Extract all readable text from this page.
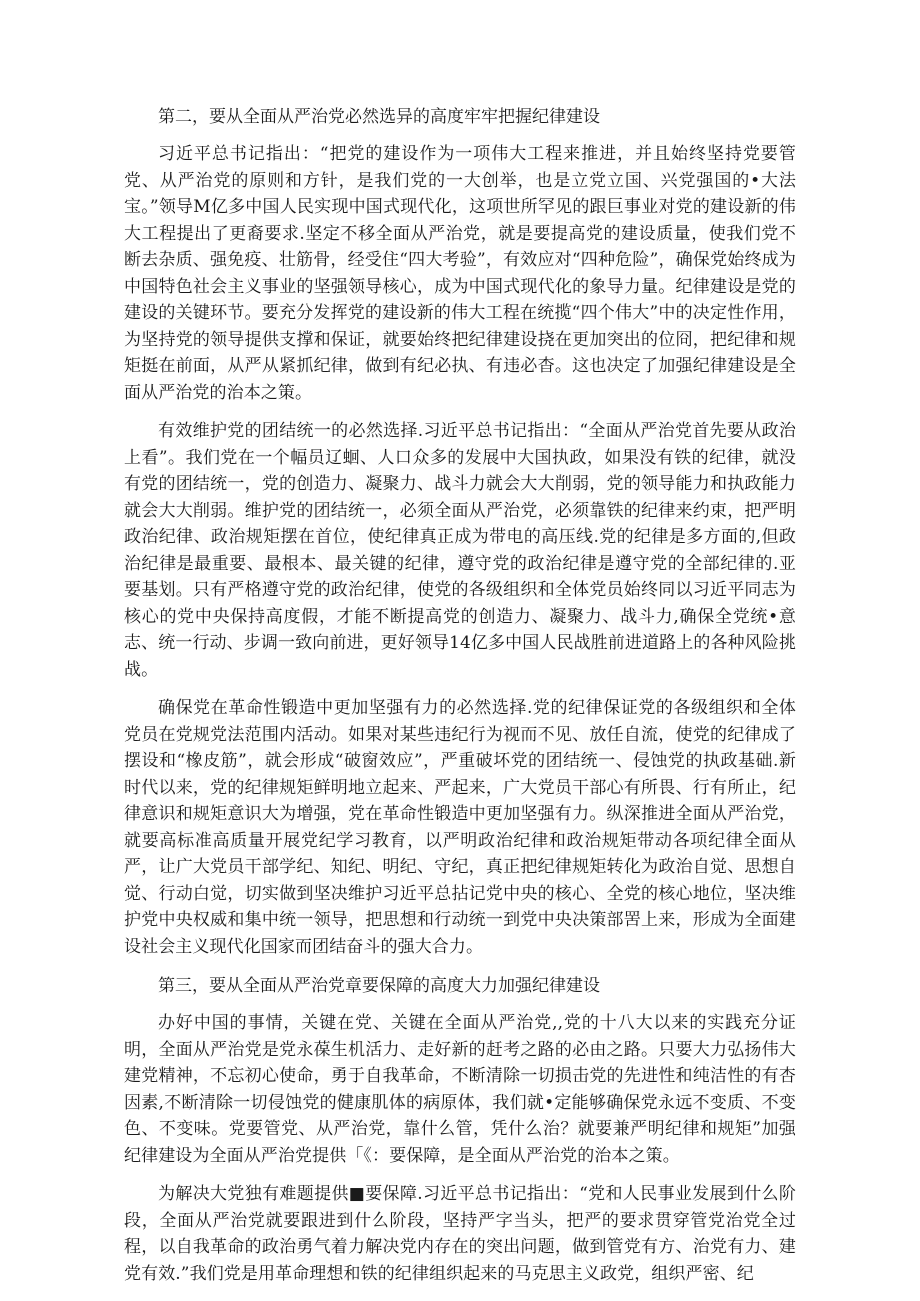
第二，要从全面从严治党必然选异的高度牢牢把握纪律建设

习近平总书记指出：“把党的建设作为一项伟大工程来推进，并且始终坚持党要管党、从严治党的原则和方针，是我们党的一大创举，也是立党立国、兴党强国的•大法宝。”领导M亿多中国人民实现中国式现代化，这项世所罕见的跟巨事业对党的建设新的伟大工程提出了更裔要求.坚定不移全面从严治党，就是要提高党的建设质量，使我们党不断去杂质、强免疫、壮筋骨，经受住“四大考验”，有效应对“四种危险”，确保党始终成为中国特色社会主义事业的坚强领导核心，成为中国式现代化的象导力量。纪律建设是党的建设的关键环节。要充分发挥党的建设新的伟大工程在统揽“四个伟大”中的决定性作用，为坚持党的领导提供支撑和保证，就要始终把纪律建设挠在更加突出的位冏，把纪律和规矩挺在前面，从严从紧抓纪律，做到有纪必执、有违必杳。这也决定了加强纪律建设是全面从严治党的治本之策。

有效维护党的团结统一的必然选择.习近平总书记指出：“全面从严治党首先要从政治上看”。我们党在一个幅员辽蛔、人口众多的发展中大国执政，如果没有铁的纪律，就没有党的团结统一，党的创造力、凝聚力、战斗力就会大大削弱，党的领导能力和执政能力就会大大削弱。维护党的团结统一，必须全面从严治党，必须靠铁的纪律来约束，把严明政治纪律、政治规矩摆在首位，使纪律真正成为带电的高压线.党的纪律是多方面的,但政治纪律是最重要、最根本、最关键的纪律，遵守党的政治纪律是遵守党的全部纪律的.亚要基划。只有严格遵守党的政治纪律，使党的各级组织和全体党员始终同以习近平同志为核心的党中央保持高度假，才能不断提高党的创造力、凝聚力、战斗力,确保全党统•意志、统一行动、步调一致向前进，更好领导14亿多中国人民战胜前进道路上的各种风险挑战。

确保党在革命性锻造中更加坚强有力的必然选择.党的纪律保证党的各级组织和全体党员在党规党法范围内活动。如果对某些违纪行为视而不见、放任自流，使党的纪律成了摆设和“橡皮筋”，就会形成“破窗效应”，严重破坏党的团结统一、侵蚀党的执政基础.新时代以来，党的纪律规矩鲜明地立起来、严起来，广大党员干部心有所畏、行有所止，纪律意识和规矩意识大为增强，党在革命性锻造中更加坚强有力。纵深推进全面从严治党，就要高标准高质量开展党纪学习教育，以严明政治纪律和政治规矩带动各项纪律全面从严，让广大党员干部学纪、知纪、明纪、守纪，真正把纪律规矩转化为政治自觉、思想自觉、行动白觉，切实做到坚决维护习近平总拈记党中央的核心、全党的核心地位，坚决维护党中央权威和集中统一领导，把思想和行动统一到党中央决策部罟上来，形成为全面建设社会主义现代化国家而团结奋斗的强大合力。

第三，要从全面从严治党章要保障的高度大力加强纪律建设

办好中国的事情，关键在党、关键在全面从严治党,,党的十八大以来的实践充分证明，全面从严治党是党永葆生机活力、走好新的赶考之路的必由之路。只要大力弘扬伟大建党精神，不忘初心使命，勇于自我革命，不断清除一切损击党的先进性和纯洁性的有杏因素,不断清除一切侵蚀党的健康肌体的病原体，我们就•定能够确保党永远不变质、不变色、不变味。党要管党、从严治党，靠什么管，凭什么治？就要兼严明纪律和规矩”加强纪律建设为全面从严治党提供「《：要保障，是全面从严治党的治本之策。

为解决大党独有难题提供■要保障.习近平总书记指出：“党和人民事业发展到什么阶段，全面从严治党就要跟进到什么阶段，坚持严字当头，把严的要求贯穿管党治党全过程，以自我革命的政治勇气着力解决党内存在的突出问题，做到管党有方、治党有力、建党有效.”我们党是用革命理想和铁的纪律组织起来的马克思主义政党，组织严密、纪
